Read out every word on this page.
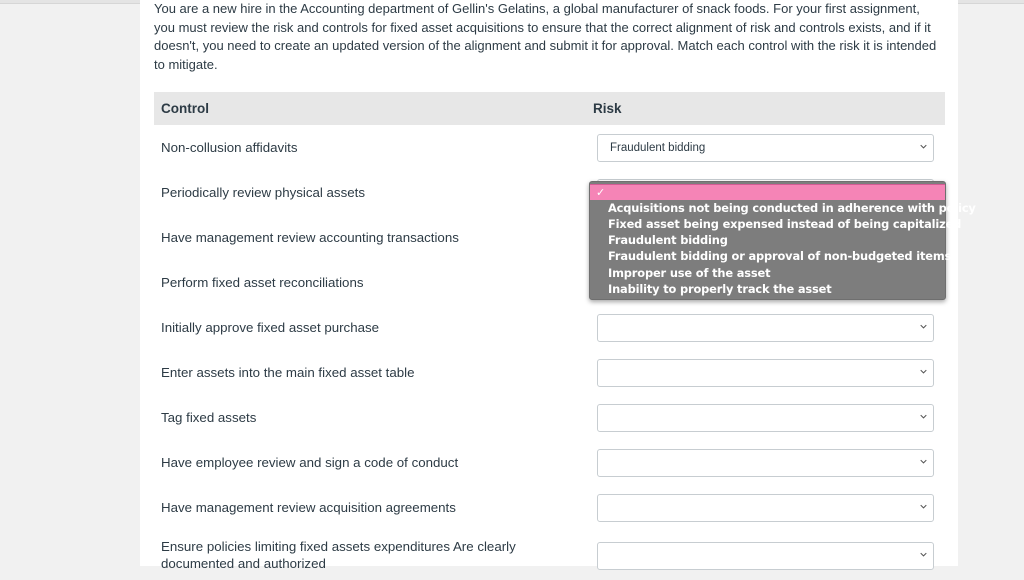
You are a new hire in the Accounting department of Gellin's Gelatins, a global manufacturer of snack foods. For your first assignment, you must review the risk and controls for fixed asset acquisitions to ensure that the correct alignment of risk and controls exists, and if it doesn't, you need to create an updated version of the alignment and submit it for approval. Match each control with the risk it is intended to mitigate.

Control	Risk
Non-collusion affidavits	Fraudulent bidding
Periodically review physical assets
Have management review accounting transactions
Perform fixed asset reconciliations
Initially approve fixed asset purchase
Enter assets into the main fixed asset table
Tag fixed assets
Have employee review and sign a code of conduct
Have management review acquisition agreements
Ensure policies limiting fixed assets expenditures Are clearly documented and authorized
✓
Acquisitions not being conducted in adherence with policy
Fixed asset being expensed instead of being capitalized
Fraudulent bidding
Fraudulent bidding or approval of non-budgeted items
Improper use of the asset
Inability to properly track the asset
